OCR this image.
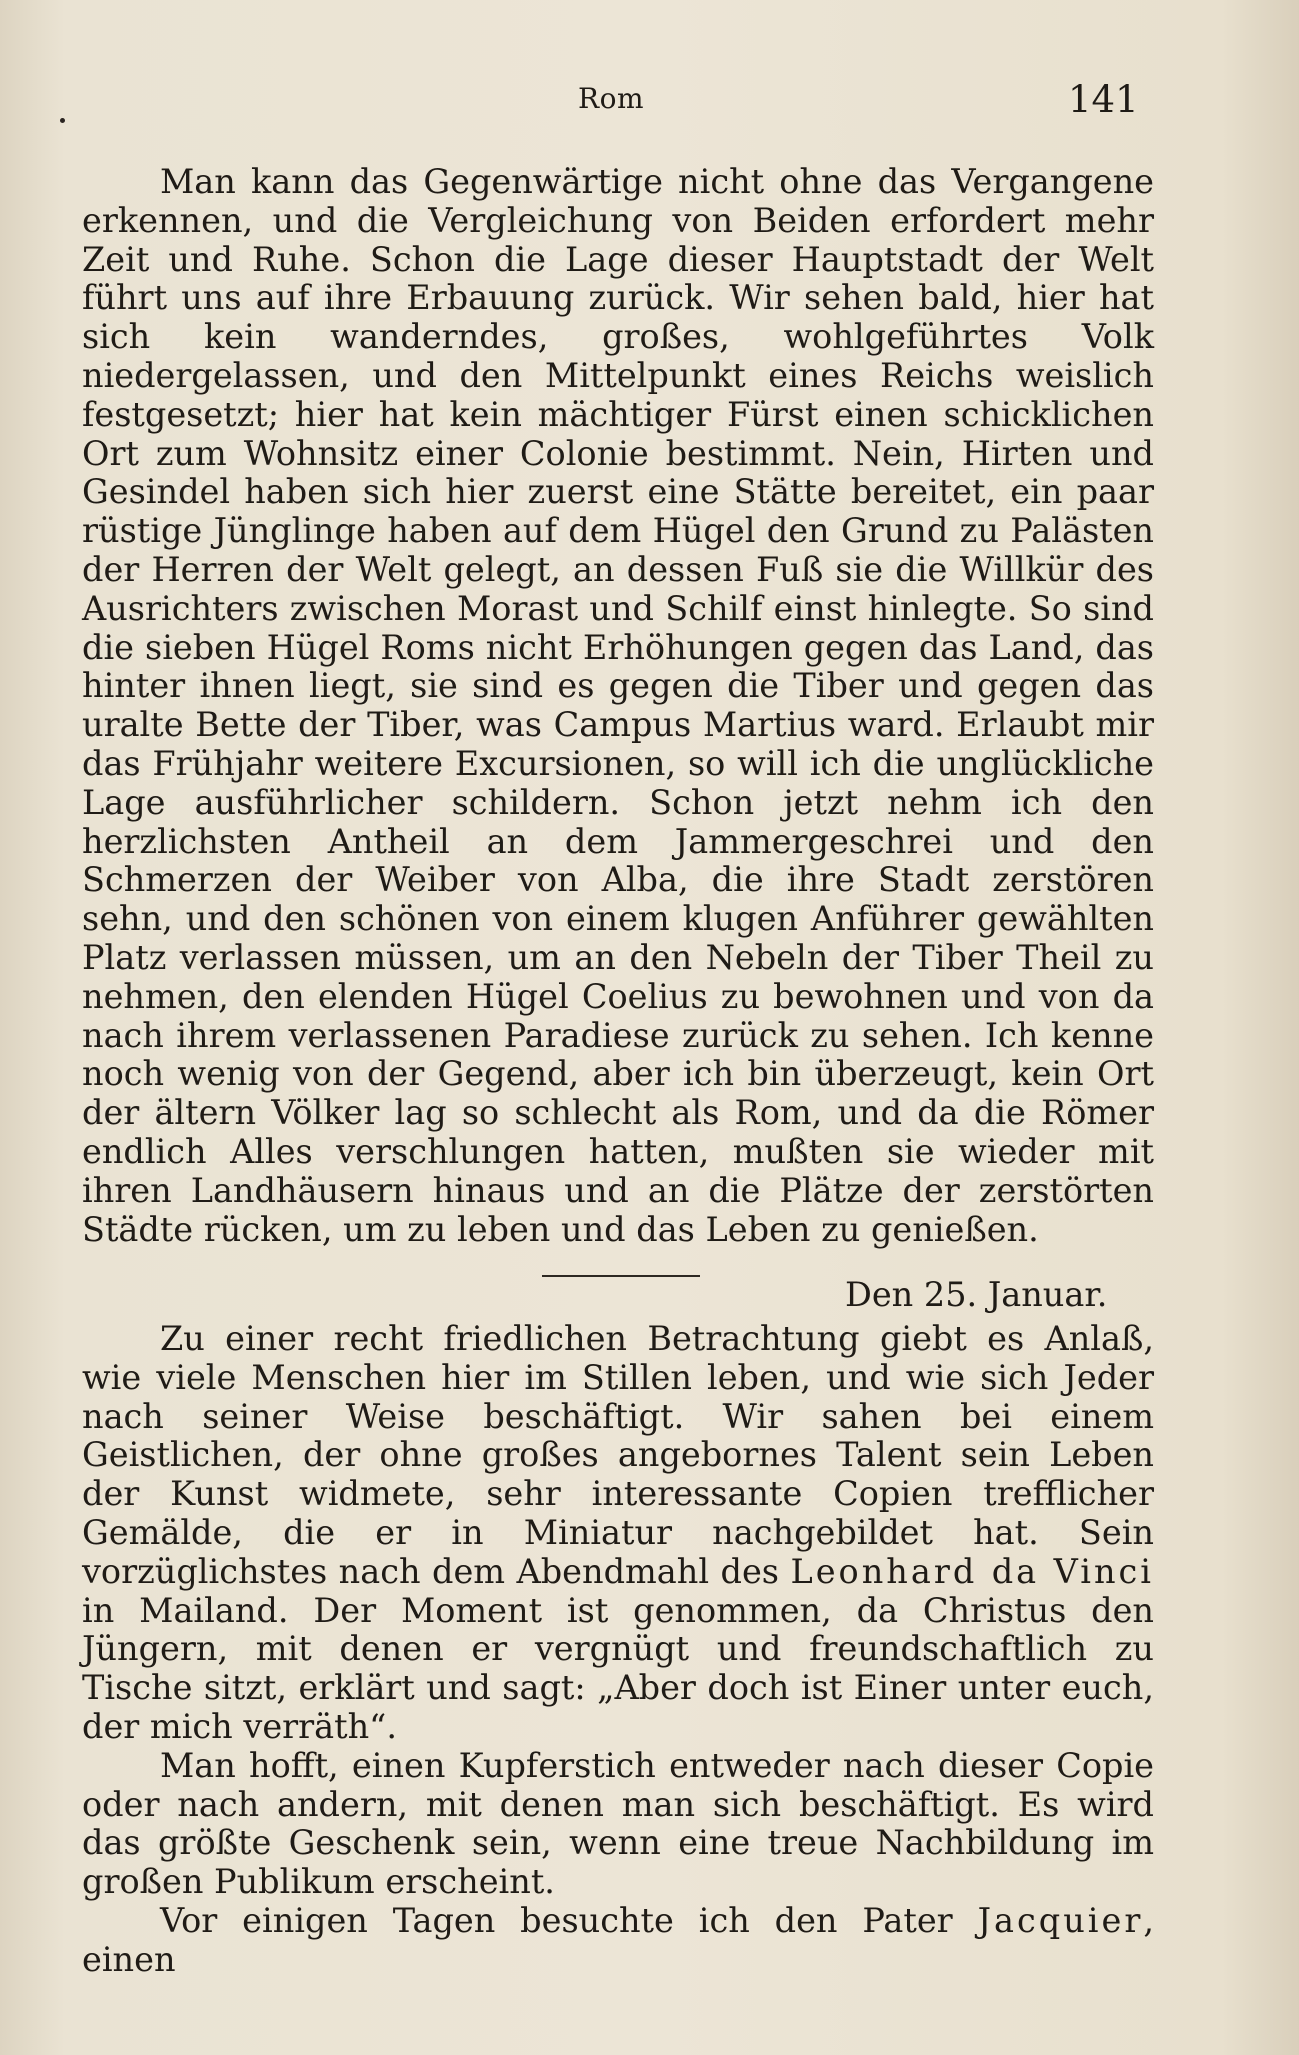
Rom	141

Man kann das Gegenwärtige nicht ohne das Vergangene erkennen, und die Vergleichung von Beiden erfordert mehr Zeit und Ruhe. Schon die Lage dieser Hauptstadt der Welt führt uns auf ihre Erbauung zurück. Wir sehen bald, hier hat sich kein wanderndes, großes, wohlgeführtes Volk niedergelassen, und den Mittelpunkt eines Reichs weislich festgesetzt; hier hat kein mächtiger Fürst einen schicklichen Ort zum Wohnsitz einer Colonie bestimmt. Nein, Hirten und Gesindel haben sich hier zuerst eine Stätte bereitet, ein paar rüstige Jünglinge haben auf dem Hügel den Grund zu Palästen der Herren der Welt gelegt, an dessen Fuß sie die Willkür des Ausrichters zwischen Morast und Schilf einst hinlegte. So sind die sieben Hügel Roms nicht Erhöhungen gegen das Land, das hinter ihnen liegt, sie sind es gegen die Tiber und gegen das uralte Bette der Tiber, was Campus Martius ward. Erlaubt mir das Frühjahr weitere Excursionen, so will ich die unglückliche Lage ausführlicher schildern. Schon jetzt nehm ich den herzlichsten Antheil an dem Jammergeschrei und den Schmerzen der Weiber von Alba, die ihre Stadt zerstören sehn, und den schönen von einem klugen Anführer gewählten Platz verlassen müssen, um an den Nebeln der Tiber Theil zu nehmen, den elenden Hügel Coelius zu bewohnen und von da nach ihrem verlassenen Paradiese zurück zu sehen. Ich kenne noch wenig von der Gegend, aber ich bin überzeugt, kein Ort der ältern Völker lag so schlecht als Rom, und da die Römer endlich Alles verschlungen hatten, mußten sie wieder mit ihren Landhäusern hinaus und an die Plätze der zerstörten Städte rücken, um zu leben und das Leben zu genießen.

Den 25. Januar.

Zu einer recht friedlichen Betrachtung giebt es Anlaß, wie viele Menschen hier im Stillen leben, und wie sich Jeder nach seiner Weise beschäftigt. Wir sahen bei einem Geistlichen, der ohne großes angebornes Talent sein Leben der Kunst widmete, sehr interessante Copien trefflicher Gemälde, die er in Miniatur nachgebildet hat. Sein vorzüglichstes nach dem Abendmahl des Leonhard da Vinci in Mailand. Der Moment ist genommen, da Christus den Jüngern, mit denen er vergnügt und freundschaftlich zu Tische sitzt, erklärt und sagt: „Aber doch ist Einer unter euch, der mich verräth“.

Man hofft, einen Kupferstich entweder nach dieser Copie oder nach andern, mit denen man sich beschäftigt. Es wird das größte Geschenk sein, wenn eine treue Nachbildung im großen Publikum erscheint.

Vor einigen Tagen besuchte ich den Pater Jacquier, einen
